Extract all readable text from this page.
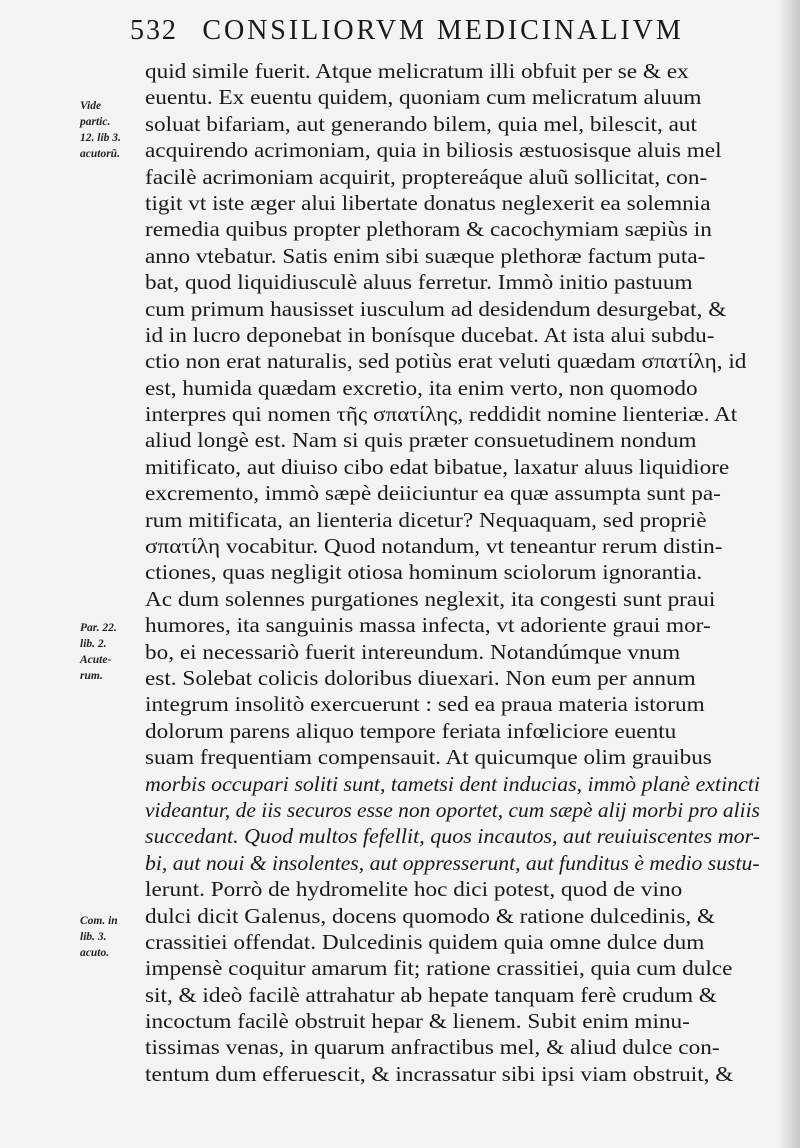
532 CONSILIORVM MEDICINALIVM
Vide
partic.
12. lib 3.
acutorũ.
Par. 22.
lib. 2.
Acute-
rum.
Com. in
lib. 3.
acuto.
quid simile fuerit. Atque melicratum illi obfuit per se & ex
euentu. Ex euentu quidem, quoniam cum melicratum aluum
soluat bifariam, aut generando bilem, quia mel, bilescit, aut
acquirendo acrimoniam, quia in biliosis æstuosisque aluis mel
facilè acrimoniam acquirit, proptereáque aluũ sollicitat, con-
tigit vt iste æger alui libertate donatus neglexerit ea solemnia
remedia quibus propter plethoram & cacochymiam sæpiùs in
anno vtebatur. Satis enim sibi suæque plethoræ factum puta-
bat, quod liquidiusculè aluus ferretur. Immò initio pastuum
cum primum hausisset iusculum ad desidendum desurgebat, &
id in lucro deponebat in bonísque ducebat. At ista alui subdu-
ctio non erat naturalis, sed potiùs erat veluti quædam σπατίλη, id
est, humida quædam excretio, ita enim verto, non quomodo
interpres qui nomen τῆς σπατίλης, reddidit nomine lienteriæ. At
aliud longè est. Nam si quis præter consuetudinem nondum
mitificato, aut diuiso cibo edat bibatue, laxatur aluus liquidiore
excremento, immò sæpè deiiciuntur ea quæ assumpta sunt pa-
rum mitificata, an lienteria dicetur? Nequaquam, sed propriè
σπατίλη vocabitur. Quod notandum, vt teneantur rerum distin-
ctiones, quas negligit otiosa hominum sciolorum ignorantia.
Ac dum solennes purgationes neglexit, ita congesti sunt praui
humores, ita sanguinis massa infecta, vt adoriente graui mor-
bo, ei necessariò fuerit intereundum. Notandúmque vnum
est. Solebat colicis doloribus diuexari. Non eum per annum
integrum insolitò exercuerunt : sed ea praua materia istorum
dolorum parens aliquo tempore feriata infœliciore euentu
suam frequentiam compensauit. At quicumque olim grauibus
morbis occupari soliti sunt, tametsi dent inducias, immò planè extincti
videantur, de iis securos esse non oportet, cum sæpè alij morbi pro aliis
succedant. Quod multos fefellit, quos incautos, aut reuiuiscentes mor-
bi, aut noui & insolentes, aut oppresserunt, aut funditus è medio sustu-
lerunt. Porrò de hydromelite hoc dici potest, quod de vino
dulci dicit Galenus, docens quomodo & ratione dulcedinis, &
crassitiei offendat. Dulcedinis quidem quia omne dulce dum
impensè coquitur amarum fit; ratione crassitiei, quia cum dulce
sit, & ideò facilè attrahatur ab hepate tanquam ferè crudum &
incoctum facilè obstruit hepar & lienem. Subit enim minu-
tissimas venas, in quarum anfractibus mel, & aliud dulce con-
tentum dum efferuescit, & incrassatur sibi ipsi viam obstruit, &
